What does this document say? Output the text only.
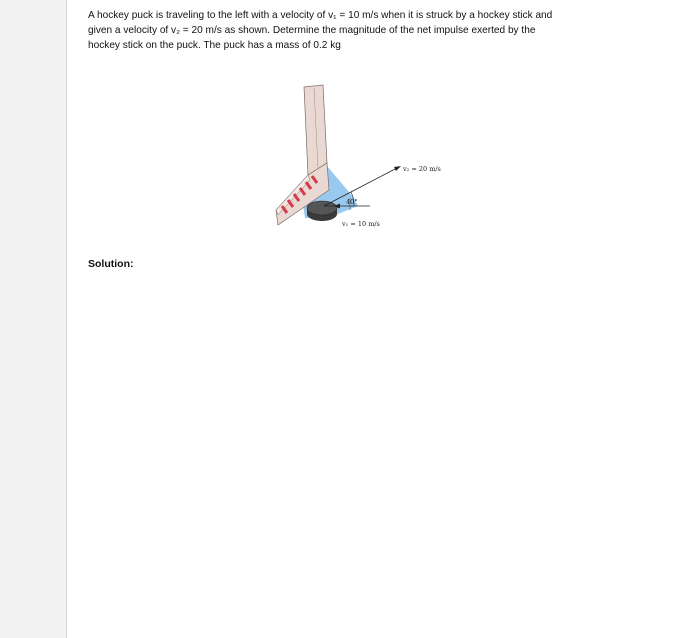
A hockey puck is traveling to the left with a velocity of v₁ = 10 m/s when it is struck by a hockey stick and
given a velocity of v₂ = 20 m/s as shown. Determine the magnitude of the net impulse exerted by the
hockey stick on the puck. The puck has a mass of 0.2 kg

v₂ = 20 m/s
40°
v₁ = 10 m/s

Solution:
